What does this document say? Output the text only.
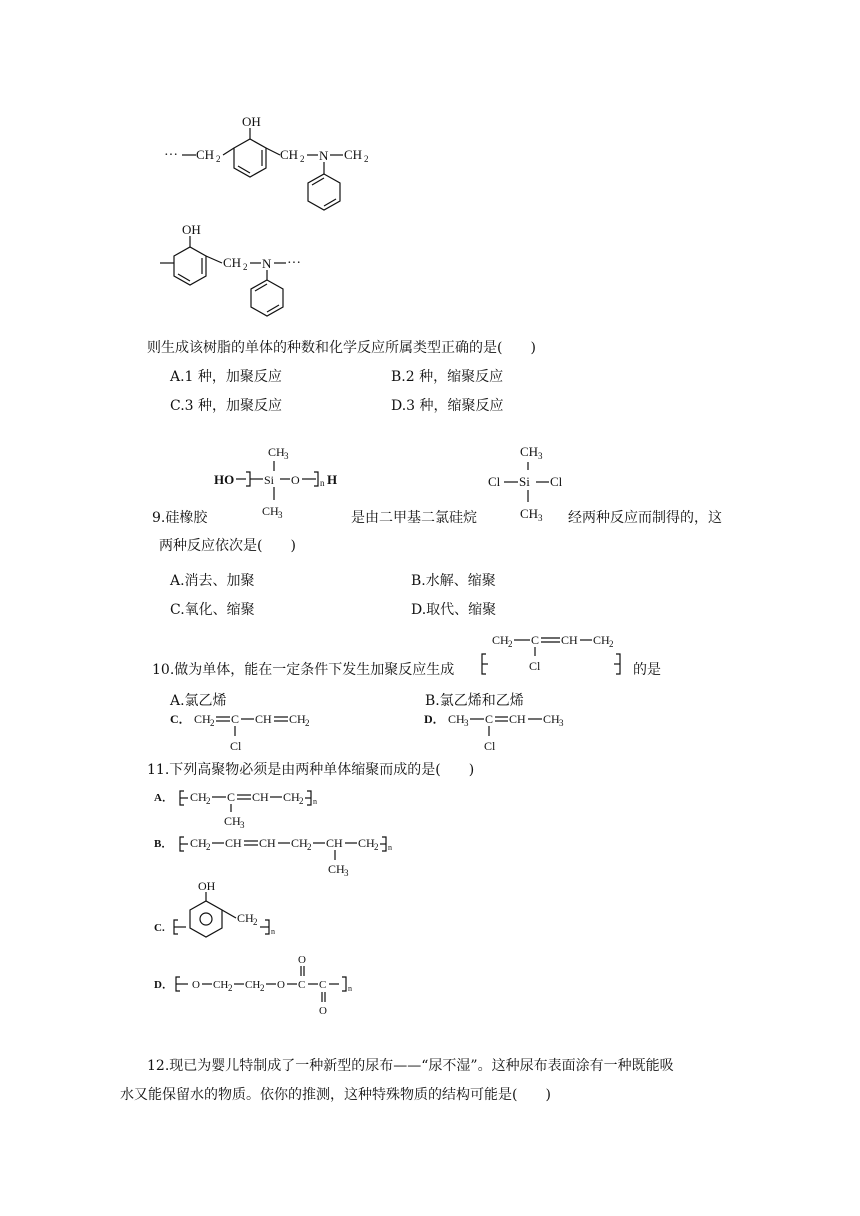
··· CH 2
OH
CH 2 N CH 2
OH
CH 2 N ···
则生成该树脂的单体的种数和化学反应所属类型正确的是(　　)
A.1 种，加聚反应	B.2 种，缩聚反应
C.3 种，加聚反应	D.3 种，缩聚反应
CH 3
HO Si O n H
CH 3
CH 3
Cl Si Cl
CH 3
9.硅橡胶	是由二甲基二氯硅烷	经两种反应而制得的，这
两种反应依次是(　　)
A.消去、加聚	B.水解、缩聚
C.氧化、缩聚	D.取代、缩聚
10.做为单体，能在一定条件下发生加聚反应生成
CH 2 C CH CH 2
Cl	的是
A.氯乙烯	B.氯乙烯和乙烯
C． CH 2 C CH CH 2
Cl
D． CH 3 C CH CH 3
Cl
11.下列高聚物必须是由两种单体缩聚而成的是(　　)
A． CH 2 C CH CH 2 n
CH 3
B． CH 2 CH CH CH 2 CH CH 2 n
CH 3
C.
OH
CH 2
n
D． O CH 2 CH 2 O C C
O
O
n
12.现已为婴儿特制成了一种新型的尿布——“尿不湿”。这种尿布表面涂有一种既能吸
水又能保留水的物质。依你的推测，这种特殊物质的结构可能是(　　)
